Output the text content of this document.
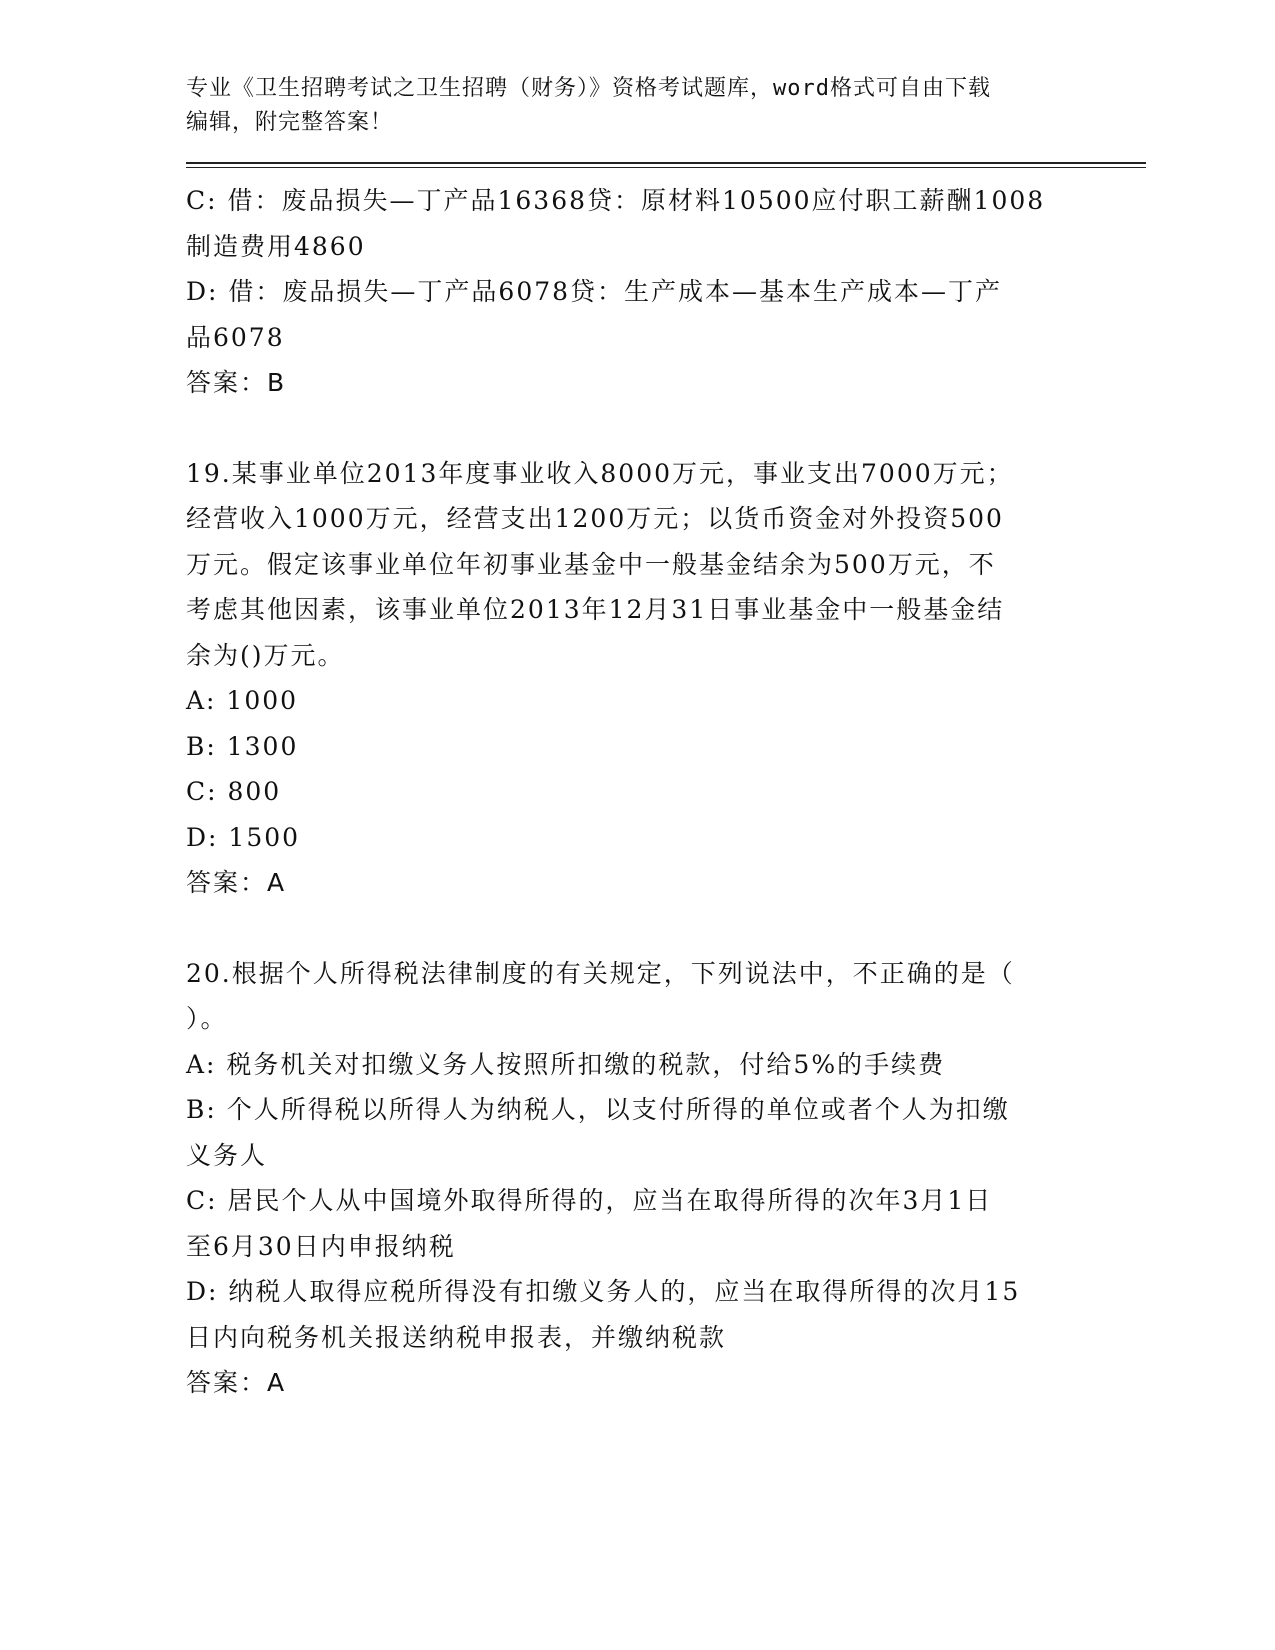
专业《卫生招聘考试之卫生招聘（财务）》资格考试题库，word格式可自由下载
编辑，附完整答案！
C: 借：废品损失—丁产品16368贷：原材料10500应付职工薪酬1008
制造费用4860
D: 借：废品损失—丁产品6078贷：生产成本—基本生产成本—丁产
品6078
答案：B
19.某事业单位2013年度事业收入8000万元，事业支出7000万元；
经营收入1000万元，经营支出1200万元；以货币资金对外投资500
万元。假定该事业单位年初事业基金中一般基金结余为500万元，不
考虑其他因素，该事业单位2013年12月31日事业基金中一般基金结
余为()万元。
A: 1000
B: 1300
C: 800
D: 1500
答案：A
20.根据个人所得税法律制度的有关规定，下列说法中，不正确的是（
）。
A: 税务机关对扣缴义务人按照所扣缴的税款，付给5%的手续费
B: 个人所得税以所得人为纳税人，以支付所得的单位或者个人为扣缴
义务人
C: 居民个人从中国境外取得所得的，应当在取得所得的次年3月1日
至6月30日内申报纳税
D: 纳税人取得应税所得没有扣缴义务人的，应当在取得所得的次月15
日内向税务机关报送纳税申报表，并缴纳税款
答案：A
